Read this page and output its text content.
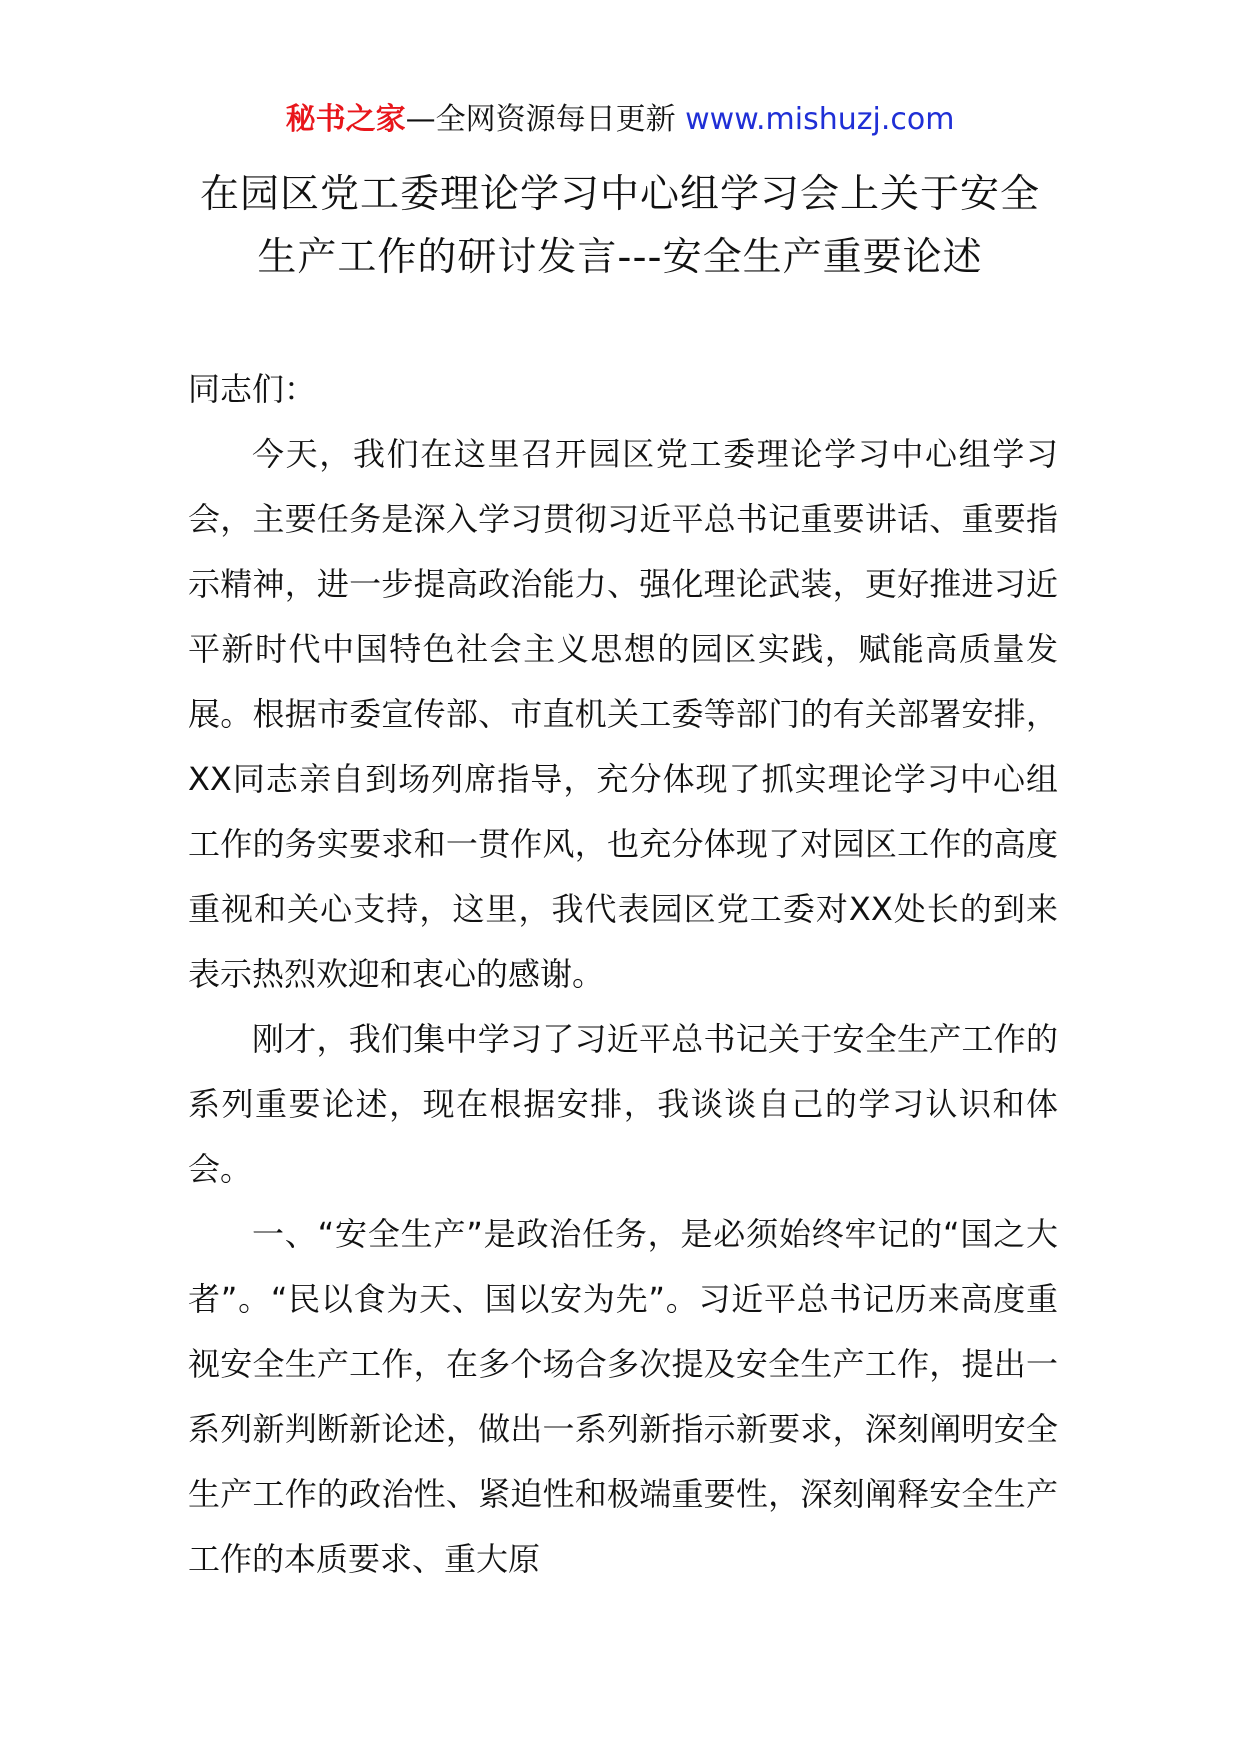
秘书之家—全网资源每日更新 www.mishuzj.com
在园区党工委理论学习中心组学习会上关于安全生产工作的研讨发言---安全生产重要论述

同志们：

今天，我们在这里召开园区党工委理论学习中心组学习会，主要任务是深入学习贯彻习近平总书记重要讲话、重要指示精神，进一步提高政治能力、强化理论武装，更好推进习近平新时代中国特色社会主义思想的园区实践，赋能高质量发展。根据市委宣传部、市直机关工委等部门的有关部署安排，XX同志亲自到场列席指导，充分体现了抓实理论学习中心组工作的务实要求和一贯作风，也充分体现了对园区工作的高度重视和关心支持，这里，我代表园区党工委对XX处长的到来表示热烈欢迎和衷心的感谢。

刚才，我们集中学习了习近平总书记关于安全生产工作的系列重要论述，现在根据安排，我谈谈自己的学习认识和体会。

一、“安全生产”是政治任务，是必须始终牢记的“国之大者”。“民以食为天、国以安为先”。习近平总书记历来高度重视安全生产工作，在多个场合多次提及安全生产工作，提出一系列新判断新论述，做出一系列新指示新要求，深刻阐明安全生产工作的政治性、紧迫性和极端重要性，深刻阐释安全生产工作的本质要求、重大原
